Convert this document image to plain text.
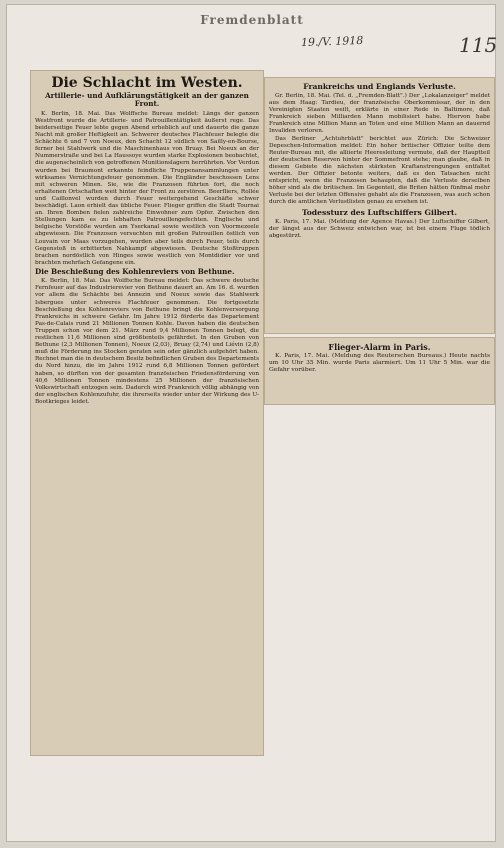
Fremdenblatt
19./V. 1918	115
Die Schlacht im Westen.
Artillerie- und Aufklärungstätigkeit an der ganzen Front.

K. Berlin, 18. Mai. Das Wolffsche Bureau meldet: Längs der ganzen Westfront wurde die Artillerie- und Patrouillentätigkeit äußerst rege. Das beiderseitige Feuer lebte gegen Abend erheblich auf und dauerte die ganze Nacht mit großer Heftigkeit an. Schwerer deutsches Flachfeuer belegte die Schächte 6 und 7 von Noeux, den Schacht 12 südlich von Sailly-en-Bourse, ferner bei Stahlwerk und die Maschinenhaus von Bruay. Bei Noeux an der Nummerstraße und bei La Haussoye wurden starke Explosionen beobachtet, die augenscheinlich von getroffenen Munitionslagern herrührten. Vor Verdun wurden bei Braumont erkannte feindliche Truppenansammlungen unter wirksames Vernichtungsfeuer genommen. Die Engländer beschossen Lens mit schweren Minen. Sie, wie die Franzosen führten fort, die noch erhaltenen Ortschaften weit hinter der Front zu zerstören. Beerfliers, Rollée und Caillonvel wurden durch Feuer weitergehend Geschäfte schwer beschädigt. Laon erhielt das übliche Feuer. Flieger griffen die Stadt Tournai an. Ihren Bomben fielen zahlreiche Einwohner zum Opfer. Zwischen den Stellungen kam es zu lebhaften Patrouillengefechten. Englische und belgische Vorstöße wurden am Yserkanal sowie westlich von Voormezeele abgewiesen. Die Franzosen versuchten mit großen Patrouillen östlich von Louvain vor Maas vorzugehen, wurden aber teils durch Feuer, teils durch Gegenstoß in erbitterten Nahkampf abgewiesen. Deutsche Stoßtruppen brachen nordöstlich von Hinges sowie westlich von Montdidier vor und brachten mehrfach Gefangene ein.

Die Beschießung des Kohlenreviers von Bethune.

K. Berlin, 18. Mai. Das Wolffsche Bureau meldet: Das schwere deutsche Fernfeuer auf das Industrierevier von Bethune dauert an. Am 16. d. wurden vor allem die Schächte bei Annezin und Noeux sowie das Stahlwerk Isbergues unter schweres Flachfeuer genommen. Die fortgesetzte Beschießung des Kohlenreviers von Bethune bringt die Kohlenversorgung Frankreichs in schwere Gefahr. Im Jahre 1912 förderte das Departement Pas-de-Calais rund 21 Millionen Tonnen Kohle. Davon haben die deutschen Truppen schon vor dem 21. März rund 9,4 Millionen Tonnen belegt, die restlichen 11,6 Millionen sind größtenteils gefährdet. In den Gruben von Bethune (2,3 Millionen Tonnen), Noeux (2,03), Bruay (2,74) und Liévin (2,8) muß die Förderung ins Stocken geraten sein oder gänzlich aufgehört haben. Rechnet man die in deutschem Besitz befindlichen Gruben des Departements du Nord hinzu, die im Jahre 1912 rund 6,8 Millionen Tonnen gefördert haben, so dürften von der gesamten französischen Friedensförderung von 40,6 Millionen Tonnen mindestens 25 Millionen der französischen Volkswirtschaft entzogen sein. Dadurch wird Frankreich völlig abhängig von der englischen Kohlenzufuhr, die ihrerseits wieder unter der Wirkung des U-Bootkrieges leidet.

Frankreichs und Englands Verluste.

Gr. Berlin, 18. Mai. (Tel. d. „Fremden-Blatt".) Der „Lokalanzeiger" meldet aus dem Haag: Tardieu, der französische Oberkommissar, der in den Vereinigten Staaten weilt, erklärte in einer Rede in Baltimore, daß Frankreich sieben Milliarden Mann mobilisiert habe. Hiervon habe Frankreich eine Million Mann an Toten und eine Million Mann an dauernd Invaliden verloren.

Das Berliner „Achtuhrblatt" berichtet aus Zürich: Die Schweizer Depeschen-Information meldet: Ein hoher britischer Offizier teilte dem Reuter-Bureau mit, die alliierte Heeresleitung vermute, daß der Hauptteil der deutschen Reserven hinter der Sommefront stehe; man glaube, daß in diesem Gebiete die nächsten stärksten Kraftanstrengungen entfaltet werden. Der Offizier betonte weiters, daß es den Tatsachen nicht entspricht, wenn die Franzosen behaupten, daß die Verluste derselben höher sind als die britischen. Im Gegenteil, die Briten hätten fünfmal mehr Verluste bei der letzten Offensive gehabt als die Franzosen, was auch schon durch die amtlichen Verlustlisten genau zu ersehen ist.

Todessturz des Luftschiffers Gilbert.

K. Paris, 17. Mai. (Meldung der Agence Havas.) Der Luftschiffer Gilbert, der längst aus der Schweiz entwichen war, ist bei einem Fluge tödlich abgestürzt.

Flieger-Alarm in Paris.

K. Paris, 17. Mai. (Meldung des Reuterschen Bureaus.) Heute nachts um 10 Uhr 35 Min. wurde Paris alarmiert. Um 11 Uhr 5 Min. war die Gefahr vorüber.
